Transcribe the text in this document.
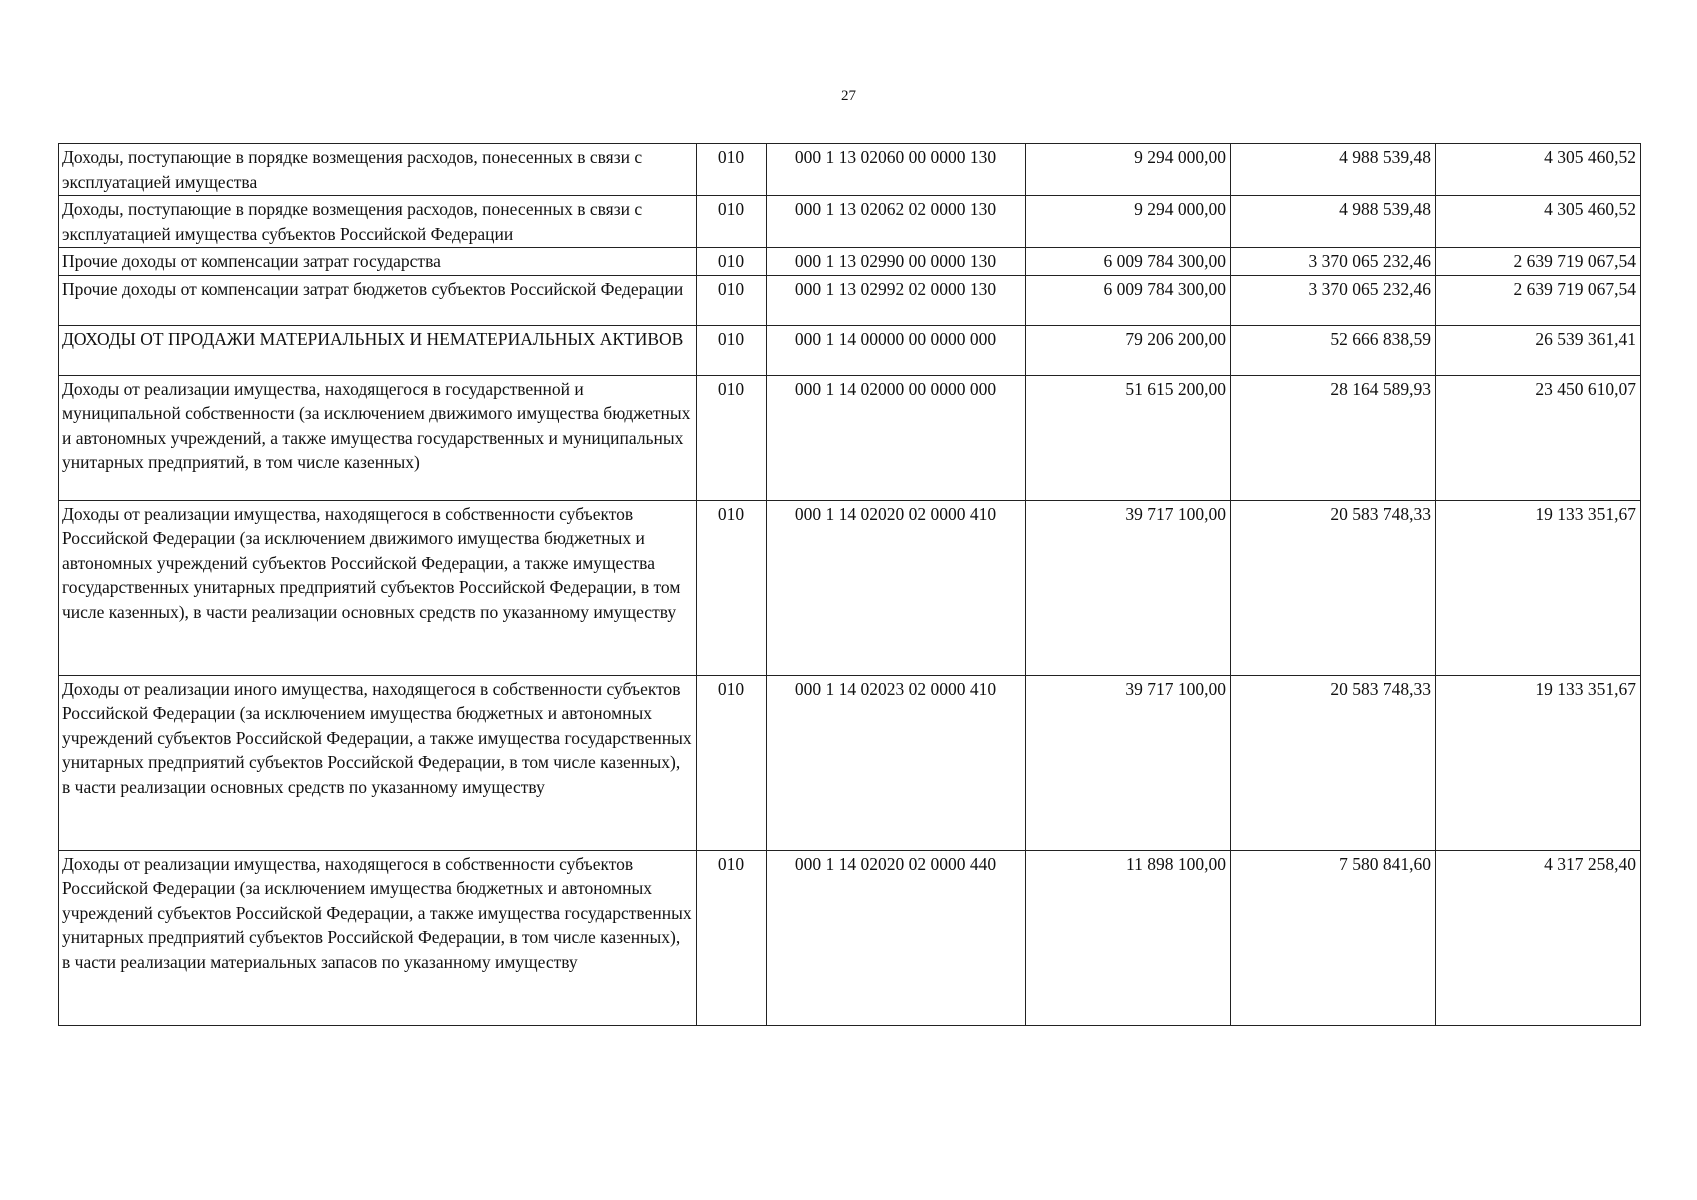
27
Доходы, поступающие в порядке возмещения расходов, понесенных в связи с эксплуатацией имущества	010	000 1 13 02060 00 0000 130	9 294 000,00	4 988 539,48	4 305 460,52
Доходы, поступающие в порядке возмещения расходов, понесенных в связи с эксплуатацией имущества субъектов Российской Федерации	010	000 1 13 02062 02 0000 130	9 294 000,00	4 988 539,48	4 305 460,52
Прочие доходы от компенсации затрат государства	010	000 1 13 02990 00 0000 130	6 009 784 300,00	3 370 065 232,46	2 639 719 067,54
Прочие доходы от компенсации затрат бюджетов субъектов Российской Федерации	010	000 1 13 02992 02 0000 130	6 009 784 300,00	3 370 065 232,46	2 639 719 067,54
ДОХОДЫ ОТ ПРОДАЖИ МАТЕРИАЛЬНЫХ И НЕМАТЕРИАЛЬНЫХ АКТИВОВ	010	000 1 14 00000 00 0000 000	79 206 200,00	52 666 838,59	26 539 361,41
Доходы от реализации имущества, находящегося в государственной и муниципальной собственности (за исключением движимого имущества бюджетных и автономных учреждений, а также имущества государственных и муниципальных унитарных предприятий, в том числе казенных)	010	000 1 14 02000 00 0000 000	51 615 200,00	28 164 589,93	23 450 610,07
Доходы от реализации имущества, находящегося в собственности субъектов Российской Федерации (за исключением движимого имущества бюджетных и автономных учреждений субъектов Российской Федерации, а также имущества государственных унитарных предприятий субъектов Российской Федерации, в том числе казенных), в части реализации основных средств по указанному имуществу	010	000 1 14 02020 02 0000 410	39 717 100,00	20 583 748,33	19 133 351,67
Доходы от реализации иного имущества, находящегося в собственности субъектов Российской Федерации (за исключением имущества бюджетных и автономных учреждений субъектов Российской Федерации, а также имущества государственных унитарных предприятий субъектов Российской Федерации, в том числе казенных), в части реализации основных средств по указанному имуществу	010	000 1 14 02023 02 0000 410	39 717 100,00	20 583 748,33	19 133 351,67
Доходы от реализации имущества, находящегося в собственности субъектов Российской Федерации (за исключением имущества бюджетных и автономных учреждений субъектов Российской Федерации, а также имущества государственных унитарных предприятий субъектов Российской Федерации, в том числе казенных), в части реализации материальных запасов по указанному имуществу	010	000 1 14 02020 02 0000 440	11 898 100,00	7 580 841,60	4 317 258,40
